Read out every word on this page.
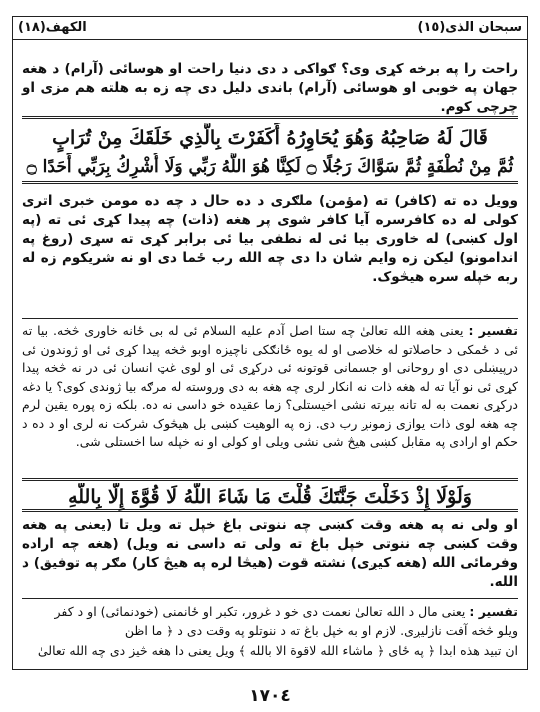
سبحان الذی(١٥)
الکهف(١٨)
راحت را په برخه کړی وی؟ ګواکی د دی دنیا راحت او هوسائی (آرام) د هغه جهان په خوبی او هوسائی (آرام) باندی دلیل دی چه زه به هلته هم مزی او چرچی کوم.
قَالَ لَهُ صَاحِبُهُ وَهُوَ يُحَاوِرُهُ أَكَفَرْتَ بِالَّذِي خَلَقَكَ مِنْ تُرَابٍ
ثُمَّ مِنْ نُطْفَةٍ ثُمَّ سَوَّاكَ رَجُلًا ۝ لَكِنَّا هُوَ اللَّهُ رَبِّي وَلَا أُشْرِكُ بِرَبِّي أَحَدًا ۝
وویل ده ته (کافر) ته (مؤمن) ملګری د ده حال د چه ده مومن خبری اتری کولی له ده کافرسره آیا کافر شوی پر هغه (ذات) چه پیدا کړی ئی ته (په اول کښی) له خاوری بیا ئی له نطفی بیا ئی برابر کړی ته سړی (روغ په اندامونو) لیکن زه وایم شان دا دی چه الله رب ځما دی او نه شریکوم زه له ربه خپله سره هیڅوک.
تفسیر : یعنی هغه الله تعالیٰ چه ستا اصل آدم علیه السلام ئی له بی ځانه خاوری څخه. بیا ته ئی د ځمکی د حاصلاتو له خلاصی او له یوه ځانګکی ناچیزه اوبو څخه پیدا کړی ئی او ژوندون ئی درپیښلی دی او روحانی او جسمانی قوتونه ئی درکړی ئی او لوی غټ انسان ئی در نه څخه پیدا کړی ئی نو آیا ته له هغه ذات نه انکار لری چه هغه به دی وروسته له مرګه بیا ژوندی کوی؟ یا دغه درکړی نعمت به له تانه بیرته نشی اخیستلی؟ زما عقیده خو داسی نه ده. بلکه زه پوره یقین لرم چه هغه لوی ذات یوازی زمونږ رب دی. زه په الوهیت کښی بل هیڅوک شرکت نه لری او د ده د حکم او ارادی په مقابل کښی هیڅ شی نشی ویلی او کولی او نه خپله سا اخستلی شی.
وَلَوْلَا إِذْ دَخَلْتَ جَنَّتَكَ قُلْتَ مَا شَاءَ اللَّهُ لَا قُوَّةَ إِلَّا بِاللَّهِ
او ولی نه په هغه وقت کښی چه ننوتی باغ خپل ته ویل تا (یعنی په هغه وقت کښی چه ننوتی خپل باغ ته ولی ته داسی نه ویل) (هغه چه اراده وفرمائی الله (هغه کیږی) نشته قوت (هیڅا لره په هیڅ کار) مګر په توفیق) د الله.
تفسیر : یعنی مال د الله تعالیٰ نعمت دی خو د غرور، تکبر او ځانمنی (خودنمائی) او د کفر
ویلو څخه آفت نازلیږی. لازم او به خپل باغ ته د ننوتلو په وقت دی د ﴿ ما اظن
ان تبید هذه ابدا ﴿ په ځای ﴿ ماشاء الله لاقوة الا بالله ﴾ ویل یعنی دا هغه څیز دی چه الله تعالیٰ
١٧٠٤
